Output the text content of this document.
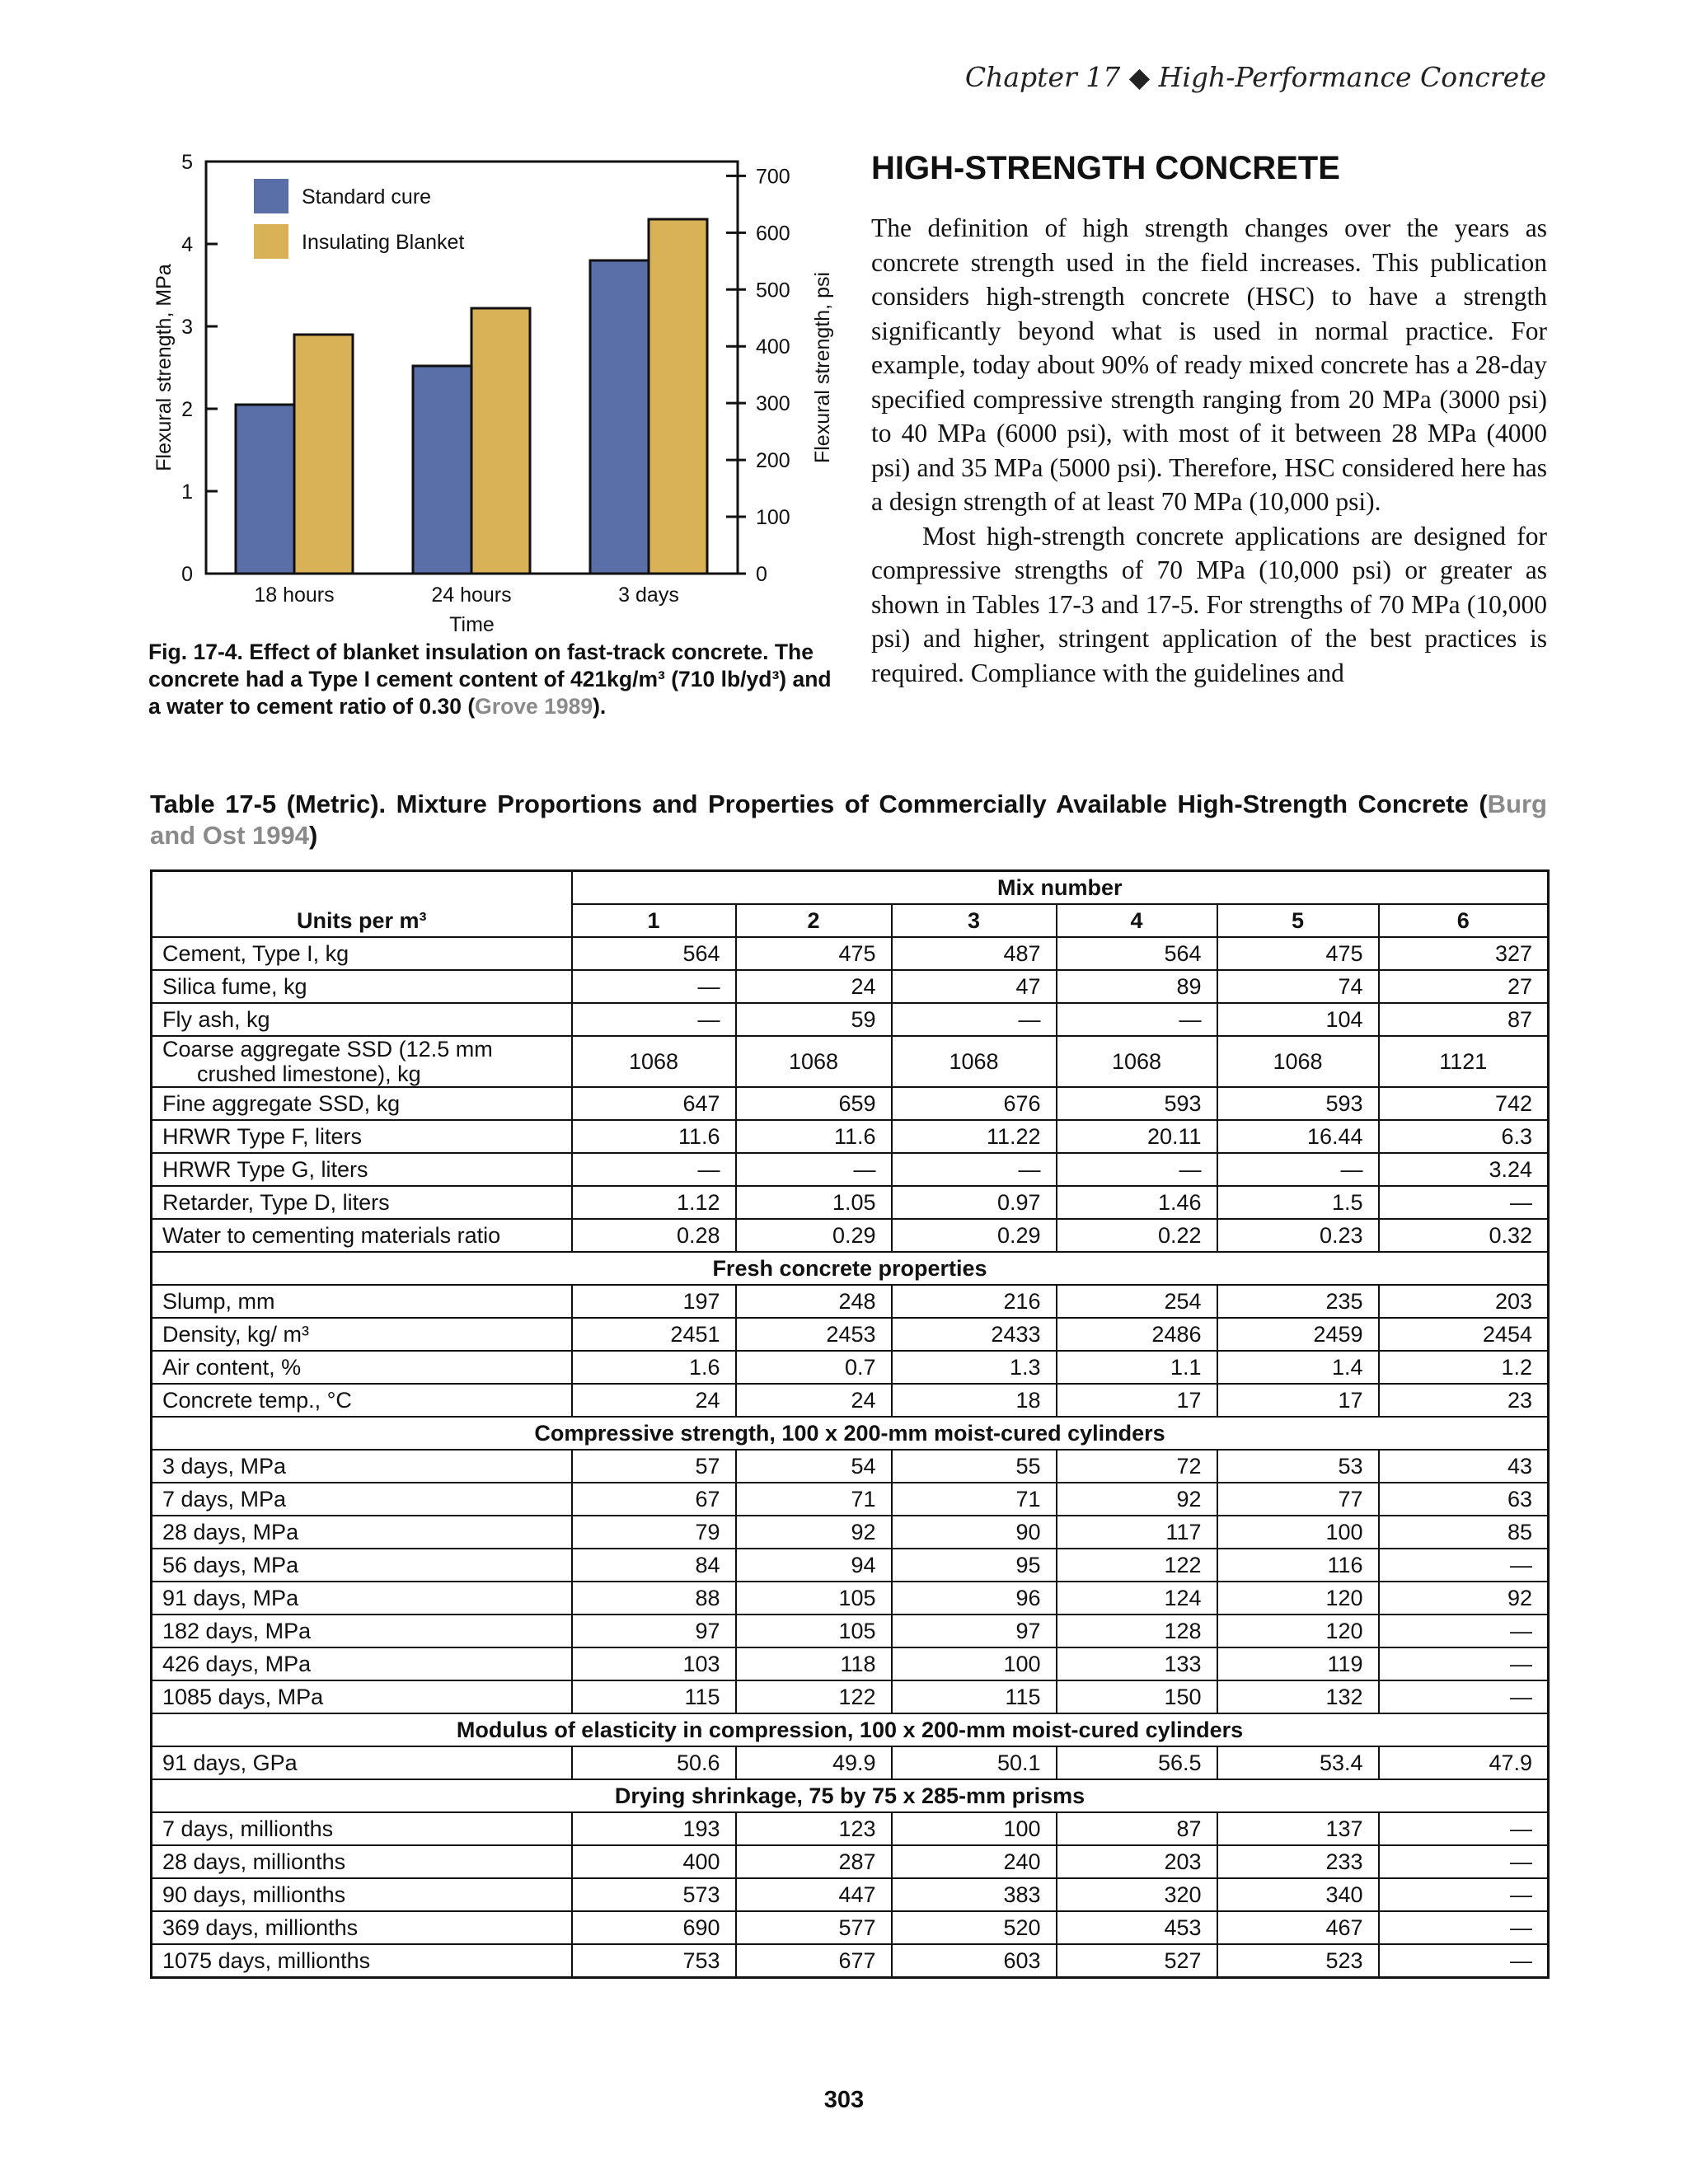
Chapter 17 ◆ High-Performance Concrete
0
1
2
3
4
5
0
100
200
300
400
500
600
700
18 hours	24 hours	3 days
Time
Flexural strength, MPa	Flexural strength, psi
Standard cure
Insulating Blanket
Fig. 17-4. Effect of blanket insulation on fast-track concrete. The concrete had a Type I cement content of 421kg/m³ (710 lb/yd³) and a water to cement ratio of 0.30 (Grove 1989).
HIGH-STRENGTH CONCRETE

The definition of high strength changes over the years as concrete strength used in the field increases. This publication considers high-strength concrete (HSC) to have a strength significantly beyond what is used in normal practice. For example, today about 90% of ready mixed concrete has a 28-day specified compressive strength ranging from 20 MPa (3000 psi) to 40 MPa (6000 psi), with most of it between 28 MPa (4000 psi) and 35 MPa (5000 psi). Therefore, HSC considered here has a design strength of at least 70 MPa (10,000 psi).

Most high-strength concrete applications are designed for compressive strengths of 70 MPa (10,000 psi) or greater as shown in Tables 17-3 and 17-5. For strengths of 70 MPa (10,000 psi) and higher, stringent application of the best practices is required. Compliance with the guidelines and

Table 17-5 (Metric). Mixture Proportions and Properties of Commercially Available High-Strength Concrete (Burg and Ost 1994)
	Mix number					
Units per m³	1	2	3	4	5	6
Cement, Type I, kg	564	475	487	564	475	327
Silica fume, kg	—	24	47	89	74	27
Fly ash, kg	—	59	—	—	104	87

Coarse aggregate SSD (12.5 mm
crushed limestone), kg	1068	1068	1068	1068	1068	1121
Fine aggregate SSD, kg	647	659	676	593	593	742
HRWR Type F, liters	11.6	11.6	11.22	20.11	16.44	6.3
HRWR Type G, liters	—	—	—	—	—	3.24
Retarder, Type D, liters	1.12	1.05	0.97	1.46	1.5	—
Water to cementing materials ratio	0.28	0.29	0.29	0.22	0.23	0.32
Fresh concrete properties						
Slump, mm	197	248	216	254	235	203
Density, kg/ m³	2451	2453	2433	2486	2459	2454
Air content, %	1.6	0.7	1.3	1.1	1.4	1.2
Concrete temp., °C	24	24	18	17	17	23
Compressive strength, 100 x 200-mm moist-cured cylinders						
3 days, MPa	57	54	55	72	53	43
7 days, MPa	67	71	71	92	77	63
28 days, MPa	79	92	90	117	100	85
56 days, MPa	84	94	95	122	116	—
91 days, MPa	88	105	96	124	120	92
182 days, MPa	97	105	97	128	120	—
426 days, MPa	103	118	100	133	119	—
1085 days, MPa	115	122	115	150	132	—
Modulus of elasticity in compression, 100 x 200-mm moist-cured cylinders						
91 days, GPa	50.6	49.9	50.1	56.5	53.4	47.9
Drying shrinkage, 75 by 75 x 285-mm prisms						
7 days, millionths	193	123	100	87	137	—
28 days, millionths	400	287	240	203	233	—
90 days, millionths	573	447	383	320	340	—
369 days, millionths	690	577	520	453	467	—
1075 days, millionths	753	677	603	527	523	—
303
